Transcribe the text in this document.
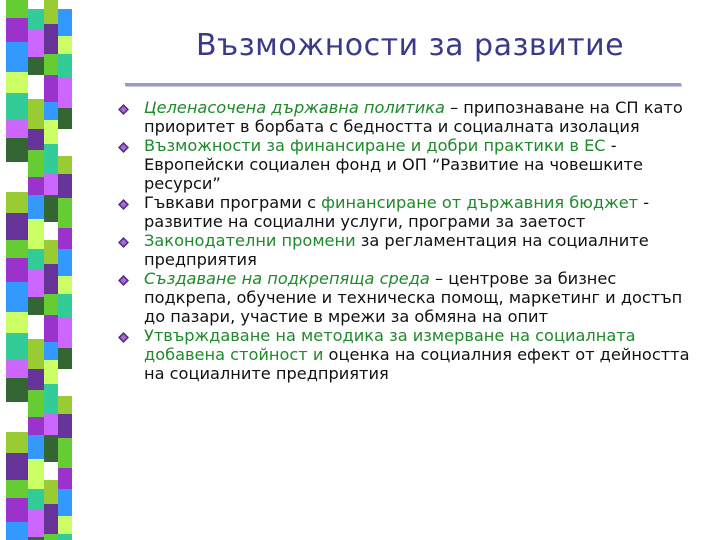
Възможности за развитие
Целенасочена държавна политика – припознаване на СП като приоритет в борбата с бедността и социалната изолация
Възможности за финансиране и добри практики в ЕС - Европейски социален фонд и ОП “Развитие на човешките ресурси”
Гъвкави програми с финансиране от държавния бюджет - развитие на социални услуги, програми за заетост
Законодателни промени за регламентация на социалните предприятия
Създаване на подкрепяща среда – центрове за бизнес подкрепа, обучение и техническа помощ, маркетинг и достъп до пазари, участие в мрежи за обмяна на опит
Утвърждаване на методика за измерване на социалната добавена стойност и оценка на социалния ефект от дейността на социалните предприятия
